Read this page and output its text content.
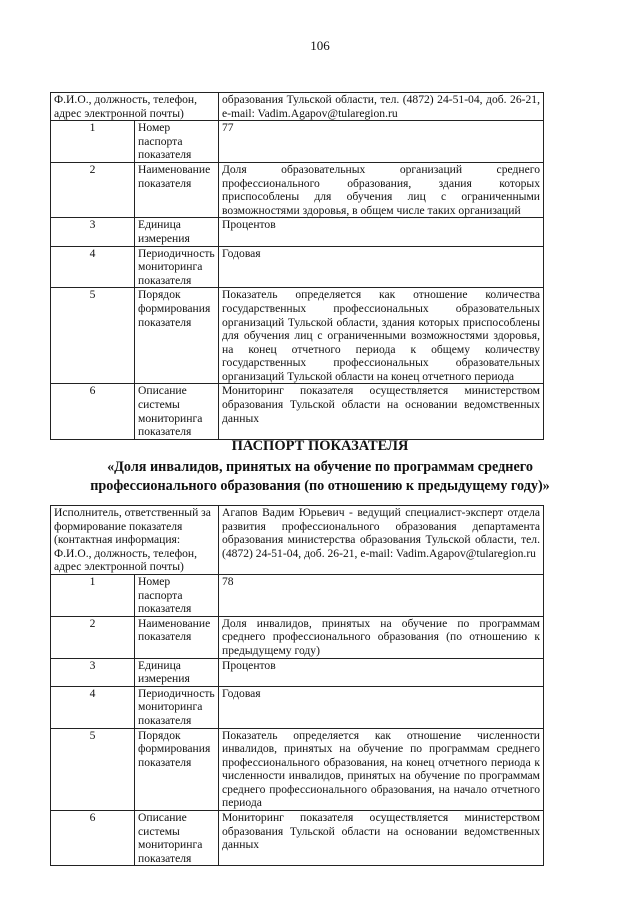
106
Ф.И.О., должность, телефон, адрес электронной почты)		образования Тульской области, тел. (4872) 24-51-04, доб. 26-21, e-mail: Vadim.Agapov@tularegion.ru
1	Номер паспорта показателя	77
2	Наименование показателя	Доля образовательных организаций среднего профессионального образования, здания которых приспособлены для обучения лиц с ограниченными возможностями здоровья, в общем числе таких организаций
3	Единица измерения	Процентов
4	Периодичность мониторинга показателя	Годовая
5	Порядок формирования показателя	Показатель определяется как отношение количества государственных профессиональных образовательных организаций Тульской области, здания которых приспособлены для обучения лиц с ограниченными возможностями здоровья, на конец отчетного периода к общему количеству государственных профессиональных образовательных организаций Тульской области на конец отчетного периода
6	Описание системы мониторинга показателя	Мониторинг показателя осуществляется министерством образования Тульской области на основании ведомственных данных
ПАСПОРТ ПОКАЗАТЕЛЯ
«Доля инвалидов, принятых на обучение по программам среднего
профессионального образования (по отношению к предыдущему году)»
Исполнитель, ответственный за формирование показателя (контактная информация: Ф.И.О., должность, телефон, адрес электронной почты)		Агапов Вадим Юрьевич - ведущий специалист-эксперт отдела развития профессионального образования департамента образования министерства образования Тульской области, тел. (4872) 24-51-04, доб. 26-21, e-mail: Vadim.Agapov@tularegion.ru
1	Номер паспорта показателя	78
2	Наименование показателя	Доля инвалидов, принятых на обучение по программам среднего профессионального образования (по отношению к предыдущему году)
3	Единица измерения	Процентов
4	Периодичность мониторинга показателя	Годовая
5	Порядок формирования показателя	Показатель определяется как отношение численности инвалидов, принятых на обучение по программам среднего профессионального образования, на конец отчетного периода к численности инвалидов, принятых на обучение по программам среднего профессионального образования, на начало отчетного периода
6	Описание системы мониторинга показателя	Мониторинг показателя осуществляется министерством образования Тульской области на основании ведомственных данных
